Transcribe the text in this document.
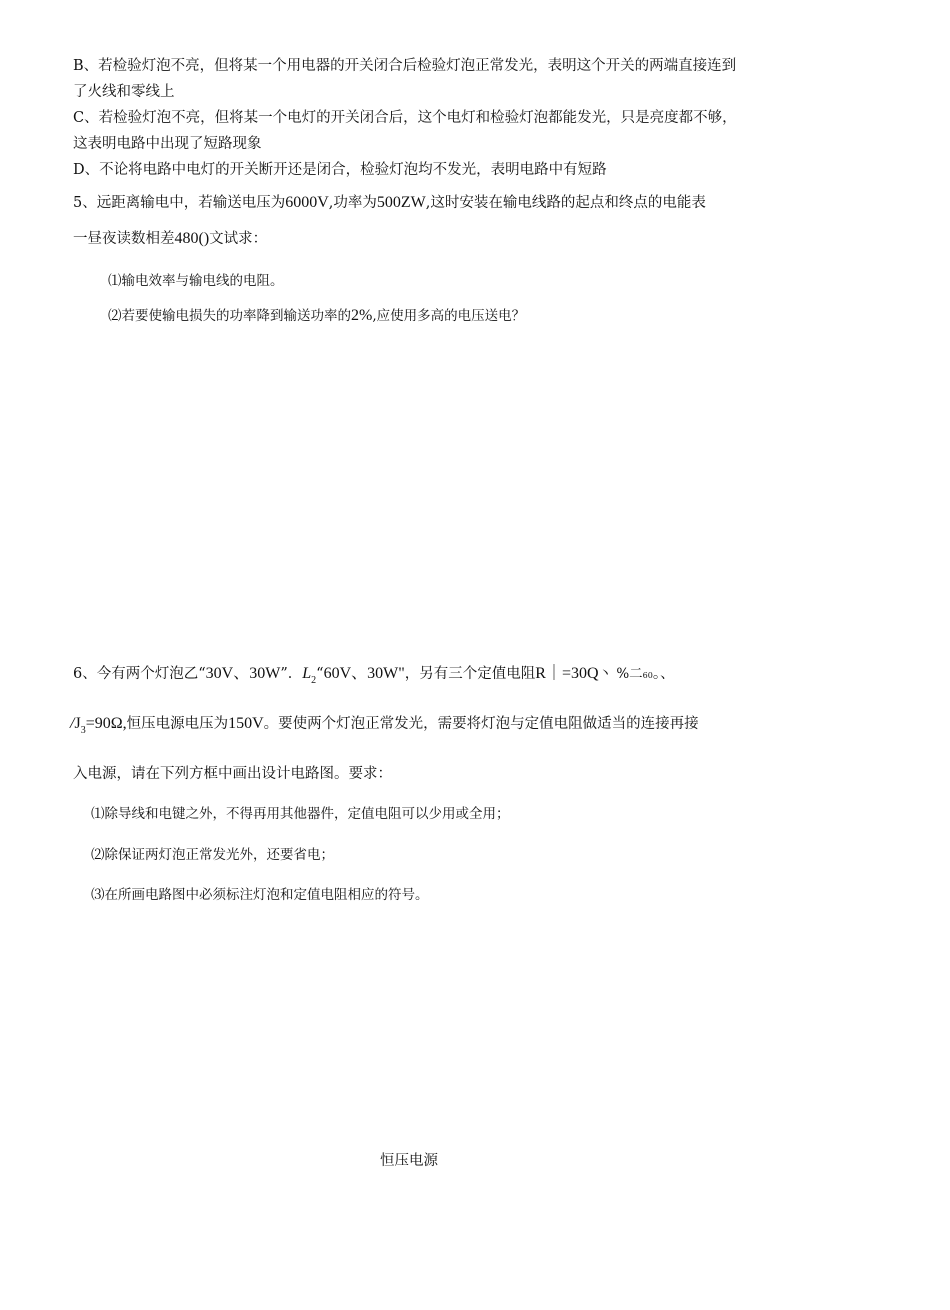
B、若检验灯泡不亮，但将某一个用电器的开关闭合后检验灯泡正常发光，表明这个开关的两端直接连到
了火线和零线上
C、若检验灯泡不亮，但将某一个电灯的开关闭合后，这个电灯和检验灯泡都能发光，只是亮度都不够，
这表明电路中出现了短路现象
D、不论将电路中电灯的开关断开还是闭合，检验灯泡均不发光，表明电路中有短路
5、远距离输电中，若输送电压为6000V,功率为500ZW,这时安装在输电线路的起点和终点的电能表
一昼夜读数相差480()文试求：
⑴输电效率与输电线的电阻。
⑵若要使输电损失的功率降到输送功率的2%,应使用多高的电压送电？
6、今有两个灯泡乙“30V、30W”．$L_2“60V$、30W"，另有三个定值电阻R｜=30Q丶 %二60。、
$/J_3=90\Omega$,恒压电源电压为150V。要使两个灯泡正常发光，需要将灯泡与定值电阻做适当的连接再接
入电源，请在下列方框中画出设计电路图。要求：
⑴除导线和电键之外，不得再用其他器件，定值电阻可以少用或全用；
⑵除保证两灯泡正常发光外，还要省电；
⑶在所画电路图中必须标注灯泡和定值电阻相应的符号。
恒压电源
